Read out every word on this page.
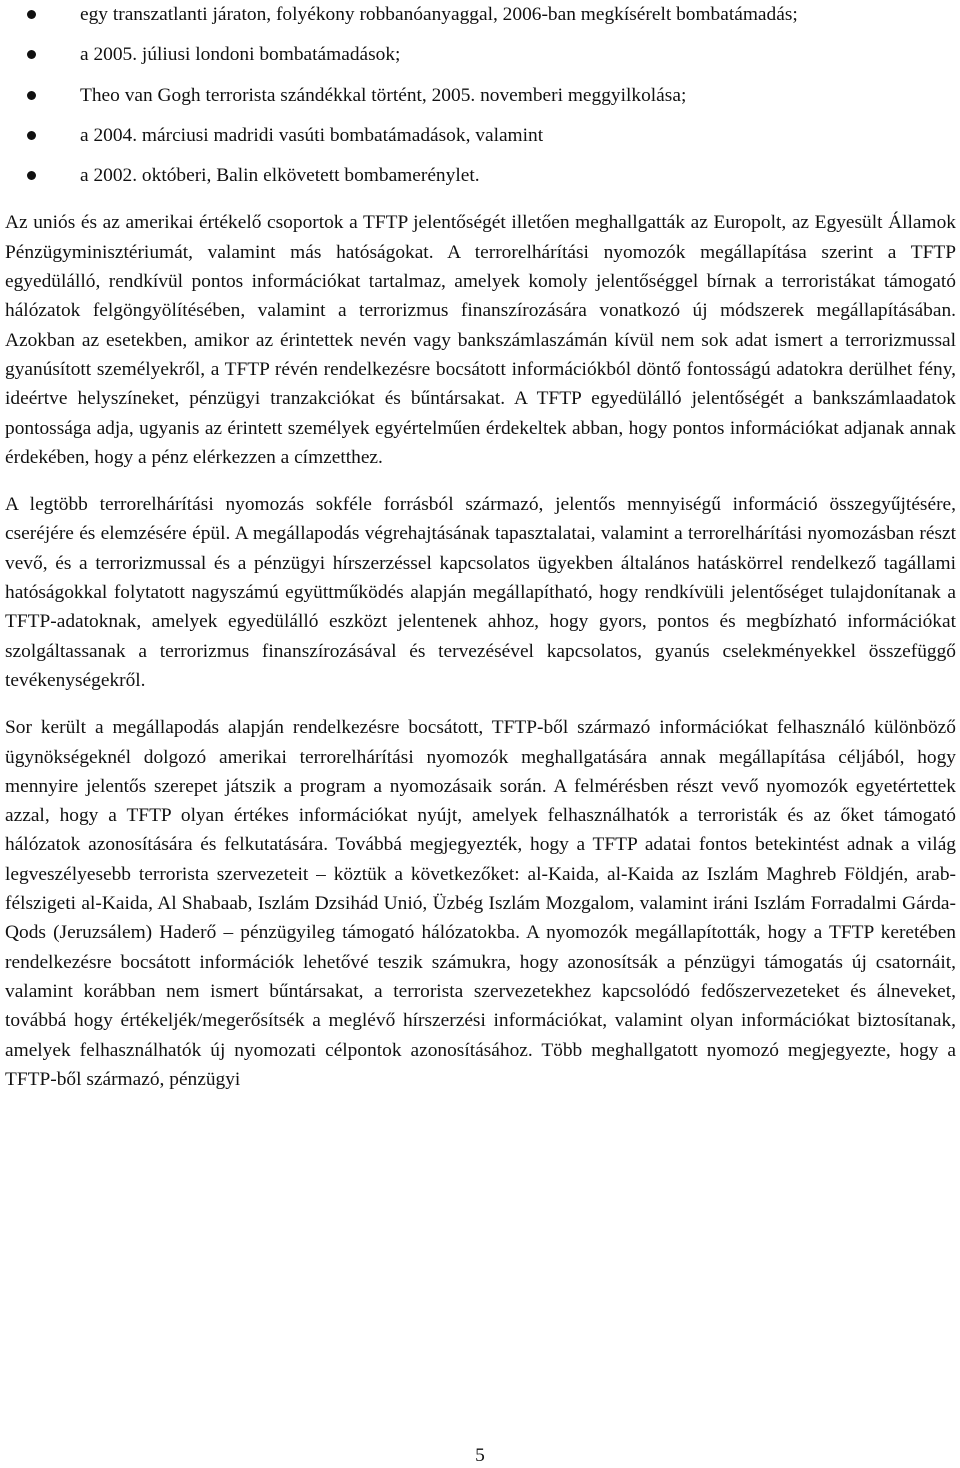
egy transzatlanti járaton, folyékony robbanóanyaggal, 2006-ban megkísérelt bombatámadás;
a 2005. júliusi londoni bombatámadások;
Theo van Gogh terrorista szándékkal történt, 2005. novemberi meggyilkolása;
a 2004. márciusi madridi vasúti bombatámadások, valamint
a 2002. októberi, Balin elkövetett bombamerénylet.

Az uniós és az amerikai értékelő csoportok a TFTP jelentőségét illetően meghallgatták az Europolt, az Egyesült Államok Pénzügyminisztériumát, valamint más hatóságokat. A terrorelhárítási nyomozók megállapítása szerint a TFTP egyedülálló, rendkívül pontos információkat tartalmaz, amelyek komoly jelentőséggel bírnak a terroristákat támogató hálózatok felgöngyölítésében, valamint a terrorizmus finanszírozására vonatkozó új módszerek megállapításában. Azokban az esetekben, amikor az érintettek nevén vagy bankszámlaszámán kívül nem sok adat ismert a terrorizmussal gyanúsított személyekről, a TFTP révén rendelkezésre bocsátott információkból döntő fontosságú adatokra derülhet fény, ideértve helyszíneket, pénzügyi tranzakciókat és bűntársakat. A TFTP egyedülálló jelentőségét a bankszámlaadatok pontossága adja, ugyanis az érintett személyek egyértelműen érdekeltek abban, hogy pontos információkat adjanak annak érdekében, hogy a pénz elérkezzen a címzetthez.

A legtöbb terrorelhárítási nyomozás sokféle forrásból származó, jelentős mennyiségű információ összegyűjtésére, cseréjére és elemzésére épül. A megállapodás végrehajtásának tapasztalatai, valamint a terrorelhárítási nyomozásban részt vevő, és a terrorizmussal és a pénzügyi hírszerzéssel kapcsolatos ügyekben általános hatáskörrel rendelkező tagállami hatóságokkal folytatott nagyszámú együttműködés alapján megállapítható, hogy rendkívüli jelentőséget tulajdonítanak a TFTP-adatoknak, amelyek egyedülálló eszközt jelentenek ahhoz, hogy gyors, pontos és megbízható információkat szolgáltassanak a terrorizmus finanszírozásával és tervezésével kapcsolatos, gyanús cselekményekkel összefüggő tevékenységekről.

Sor került a megállapodás alapján rendelkezésre bocsátott, TFTP-ből származó információkat felhasználó különböző ügynökségeknél dolgozó amerikai terrorelhárítási nyomozók meghallgatására annak megállapítása céljából, hogy mennyire jelentős szerepet játszik a program a nyomozásaik során. A felmérésben részt vevő nyomozók egyetértettek azzal, hogy a TFTP olyan értékes információkat nyújt, amelyek felhasználhatók a terroristák és az őket támogató hálózatok azonosítására és felkutatására. Továbbá megjegyezték, hogy a TFTP adatai fontos betekintést adnak a világ legveszélyesebb terrorista szervezeteit – köztük a következőket: al-Kaida, al-Kaida az Iszlám Maghreb Földjén, arab-félszigeti al-Kaida, Al Shabaab, Iszlám Dzsihád Unió, Üzbég Iszlám Mozgalom, valamint iráni Iszlám Forradalmi Gárda- Qods (Jeruzsálem) Haderő – pénzügyileg támogató hálózatokba. A nyomozók megállapították, hogy a TFTP keretében rendelkezésre bocsátott információk lehetővé teszik számukra, hogy azonosítsák a pénzügyi támogatás új csatornáit, valamint korábban nem ismert bűntársakat, a terrorista szervezetekhez kapcsolódó fedőszervezeteket és álneveket, továbbá hogy értékeljék/megerősítsék a meglévő hírszerzési információkat, valamint olyan információkat biztosítanak, amelyek felhasználhatók új nyomozati célpontok azonosításához. Több meghallgatott nyomozó megjegyezte, hogy a TFTP-ből származó, pénzügyi

5
